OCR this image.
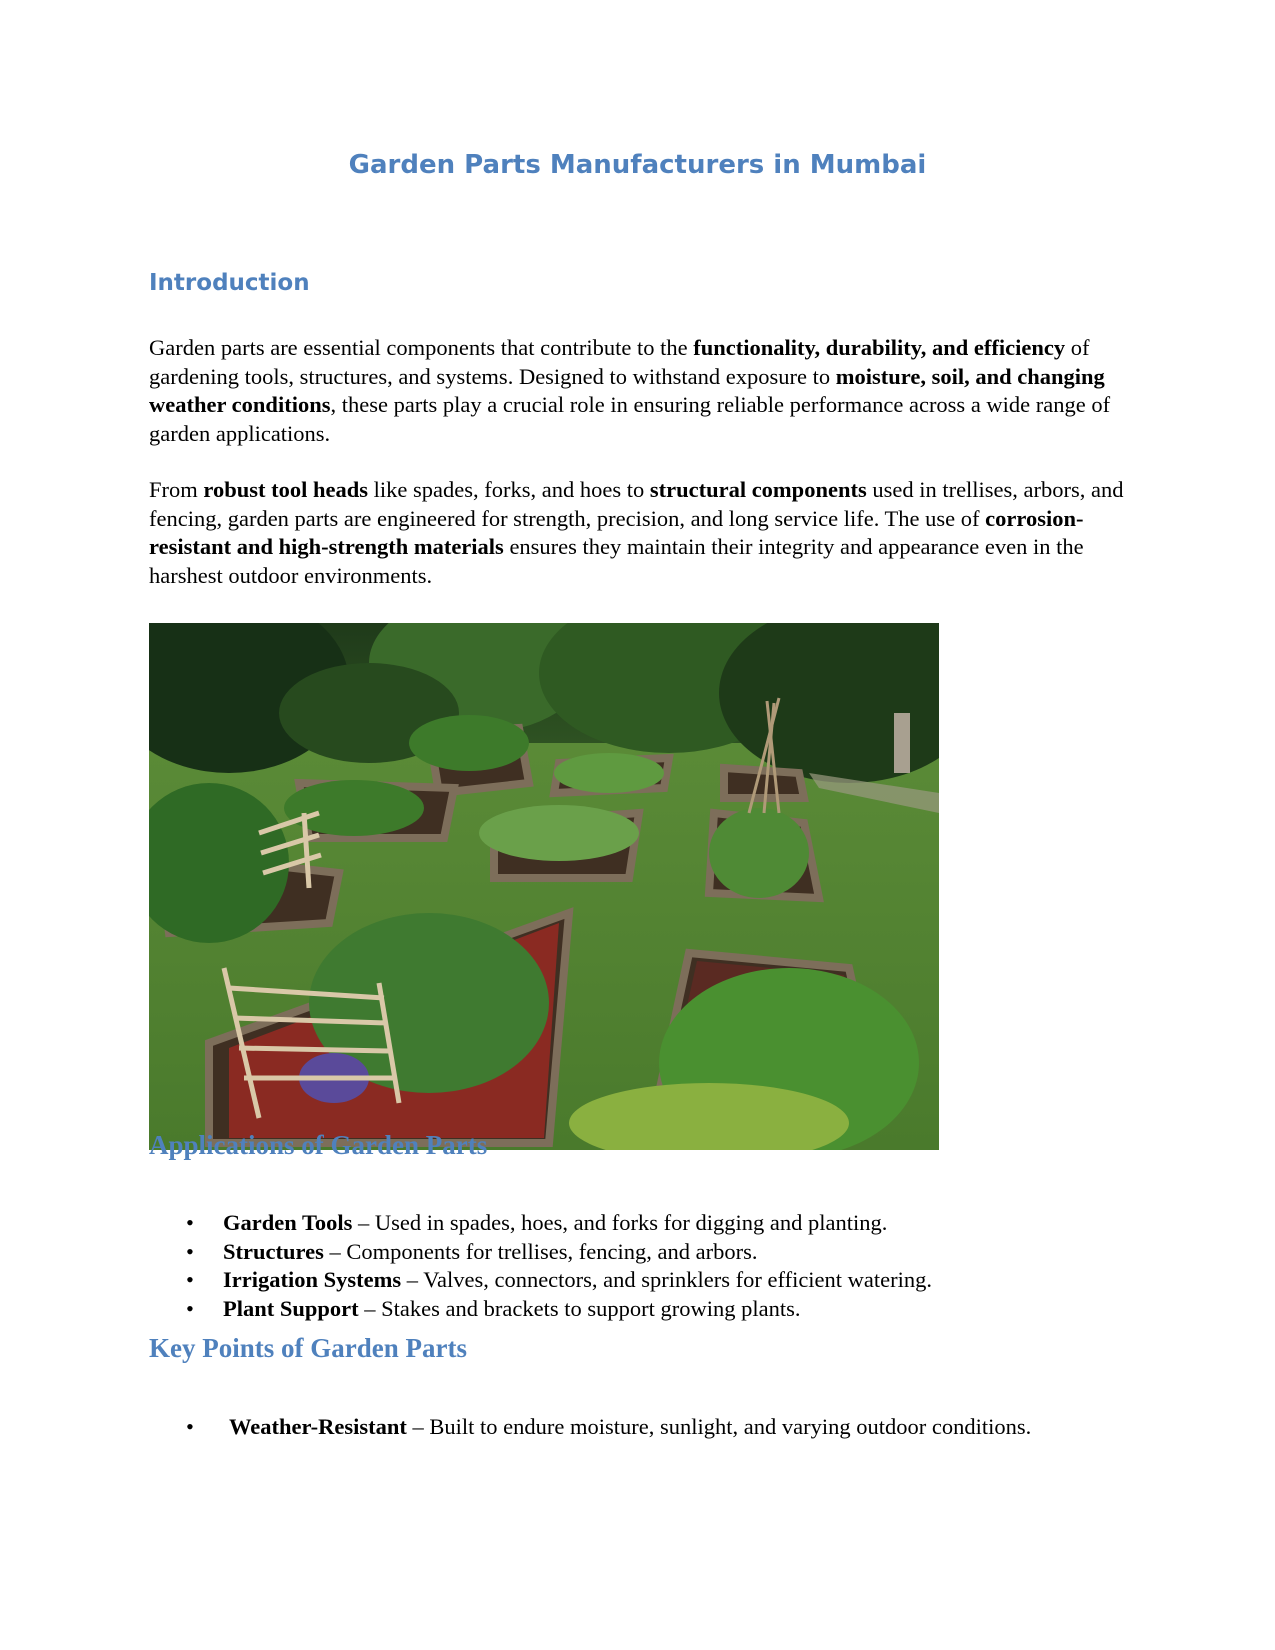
Garden Parts Manufacturers in Mumbai
Introduction

Garden parts are essential components that contribute to the functionality, durability, and efficiency of gardening tools, structures, and systems. Designed to withstand exposure to moisture, soil, and changing weather conditions, these parts play a crucial role in ensuring reliable performance across a wide range of garden applications.

From robust tool heads like spades, forks, and hoes to structural components used in trellises, arbors, and fencing, garden parts are engineered for strength, precision, and long service life. The use of corrosion-resistant and high-strength materials ensures they maintain their integrity and appearance even in the harshest outdoor environments.

Applications of Garden Parts
• Garden Tools – Used in spades, hoes, and forks for digging and planting.
• Structures – Components for trellises, fencing, and arbors.
• Irrigation Systems – Valves, connectors, and sprinklers for efficient watering.
• Plant Support – Stakes and brackets to support growing plants.
Key Points of Garden Parts
• Weather-Resistant – Built to endure moisture, sunlight, and varying outdoor conditions.
